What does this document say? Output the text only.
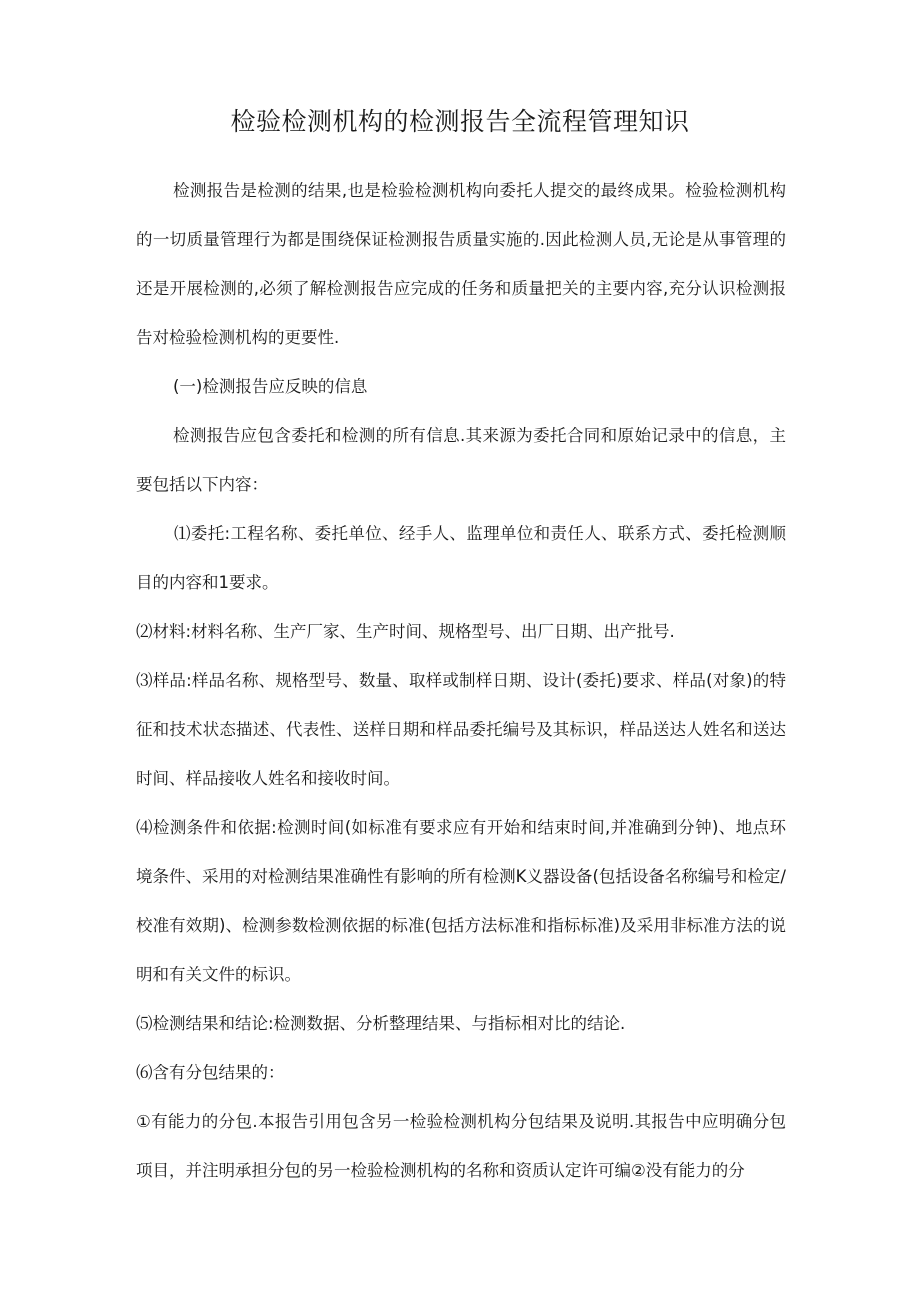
检验检测机构的检测报告全流程管理知识

检测报告是检测的结果,也是检验检测机构向委托人提交的最终成果。检验检测机构的一切质量管理行为都是围绕保证检测报告质量实施的.因此检测人员,无论是从事管理的还是开展检测的,必须了解检测报告应完成的任务和质量把关的主要内容,充分认识检测报告对检验检测机构的更要性.

(一)检测报告应反映的信息

检测报告应包含委托和检测的所有信息.其来源为委托合同和原始记录中的信息，主要包括以下内容：

⑴委托:工程名称、委托单位、经手人、监理单位和责任人、联系方式、委托检测顺目的内容和1要求。

⑵材料:材料名称、生产厂家、生产时间、规格型号、出厂日期、出产批号.

⑶样品:样品名称、规格型号、数量、取样或制样日期、设计(委托)要求、样品(对象)的特征和技术状态描述、代表性、送样日期和样品委托编号及其标识，样品送达人姓名和送达时间、样品接收人姓名和接收时间。

⑷检测条件和依据:检测时间(如标准有要求应有开始和结束时间,并准确到分钟)、地点环境条件、采用的对检测结果准确性有影响的所有检测K义器设备(包括设备名称编号和检定/校准有效期)、检测参数检测依据的标准(包括方法标准和指标标准)及采用非标准方法的说明和有关文件的标识。

⑸检测结果和结论:检测数据、分析整理结果、与指标相对比的结论.

⑹含有分包结果的：

①有能力的分包.本报告引用包含另一检验检测机构分包结果及说明.其报告中应明确分包项目，并注明承担分包的另一检验检测机构的名称和资质认定许可编②没有能力的分
